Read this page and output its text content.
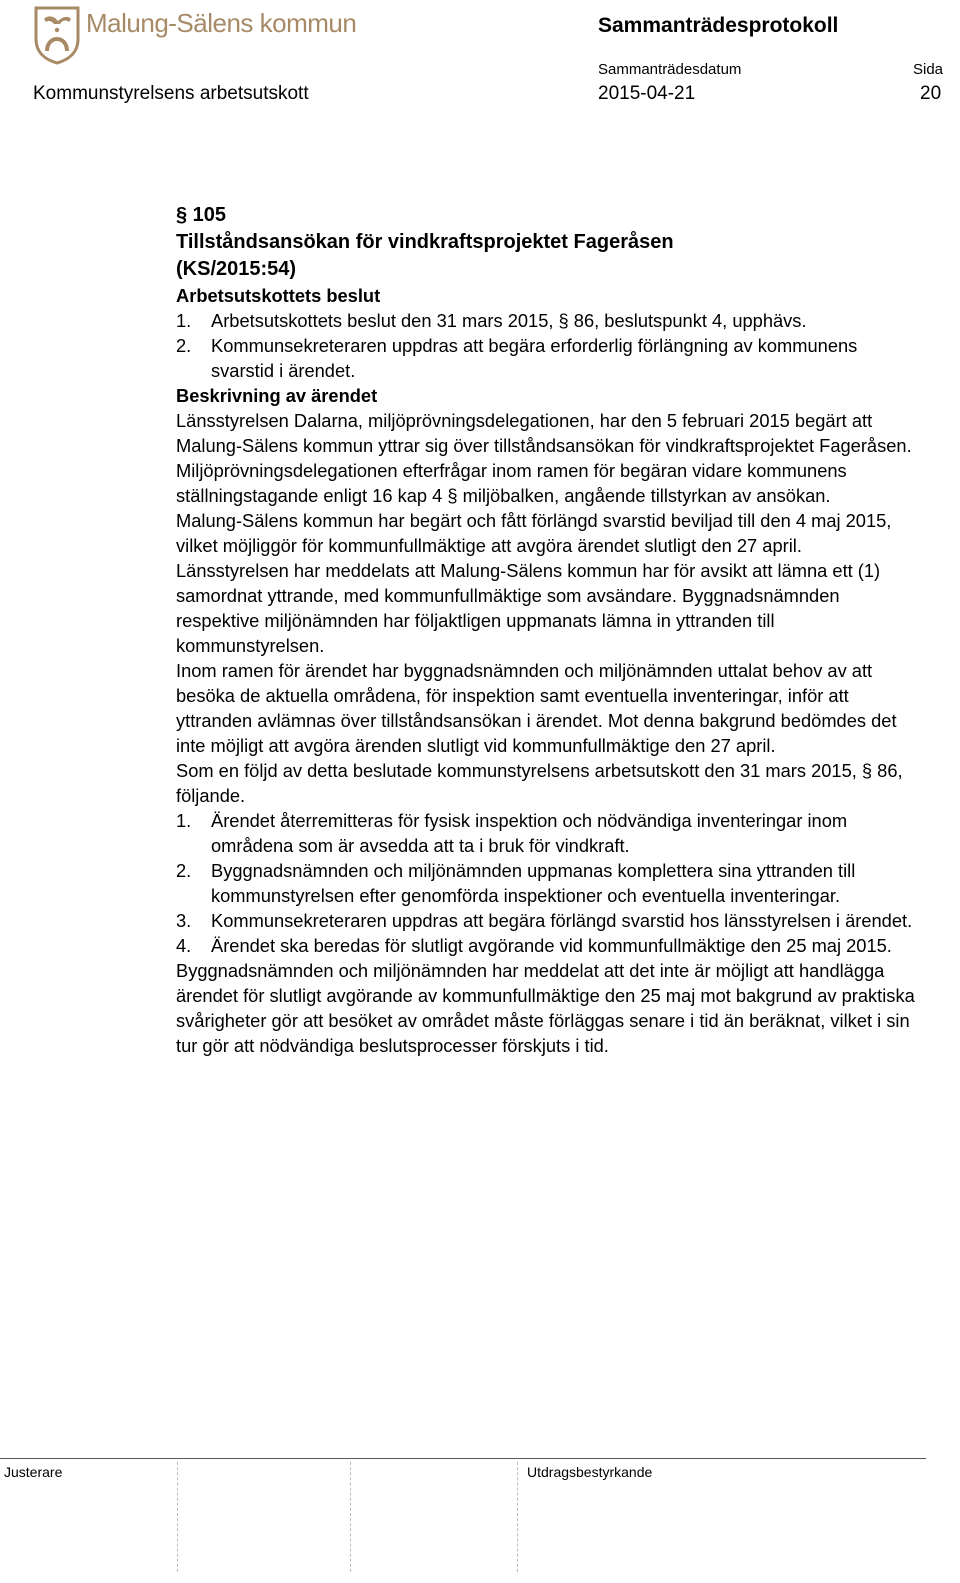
Malung-Sälens kommun	Sammanträdesprotokoll
Sammanträdesdatum	Sida
Kommunstyrelsens arbetsutskott	2015-04-21	20
§ 105
Tillståndsansökan för vindkraftsprojektet Fageråsen
(KS/2015:54)

Arbetsutskottets beslut

1. Arbetsutskottets beslut den 31 mars 2015, § 86, beslutspunkt 4, upphävs.
2. Kommunsekreteraren uppdras att begära erforderlig förlängning av kommunens svarstid i ärendet.

Beskrivning av ärendet

Länsstyrelsen Dalarna, miljöprövningsdelegationen, har den 5 februari 2015 begärt att Malung-Sälens kommun yttrar sig över tillståndsansökan för vindkraftsprojektet Fageråsen. Miljöprövningsdelegationen efterfrågar inom ramen för begäran vidare kommunens ställningstagande enligt 16 kap 4 § miljöbalken, angående tillstyrkan av ansökan.

Malung-Sälens kommun har begärt och fått förlängd svarstid beviljad till den 4 maj 2015, vilket möjliggör för kommunfullmäktige att avgöra ärendet slutligt den 27 april. Länsstyrelsen har meddelats att Malung-Sälens kommun har för avsikt att lämna ett (1) samordnat yttrande, med kommunfullmäktige som avsändare. Byggnadsnämnden respektive miljönämnden har följaktligen uppmanats lämna in yttranden till kommunstyrelsen.

Inom ramen för ärendet har byggnadsnämnden och miljönämnden uttalat behov av att besöka de aktuella områdena, för inspektion samt eventuella inventeringar, inför att yttranden avlämnas över tillståndsansökan i ärendet. Mot denna bakgrund bedömdes det inte möjligt att avgöra ärenden slutligt vid kommunfullmäktige den 27 april.

Som en följd av detta beslutade kommunstyrelsens arbetsutskott den 31 mars 2015, § 86, följande.

1. Ärendet återremitteras för fysisk inspektion och nödvändiga inventeringar inom områdena som är avsedda att ta i bruk för vindkraft.
2. Byggnadsnämnden och miljönämnden uppmanas komplettera sina yttranden till kommunstyrelsen efter genomförda inspektioner och eventuella inventeringar.
3. Kommunsekreteraren uppdras att begära förlängd svarstid hos länsstyrelsen i ärendet.
4. Ärendet ska beredas för slutligt avgörande vid kommunfullmäktige den 25 maj 2015.

Byggnadsnämnden och miljönämnden har meddelat att det inte är möjligt att handlägga ärendet för slutligt avgörande av kommunfullmäktige den 25 maj mot bakgrund av praktiska svårigheter gör att besöket av området måste förläggas senare i tid än beräknat, vilket i sin tur gör att nödvändiga beslutsprocesser förskjuts i tid.

Justerare	Utdragsbestyrkande
